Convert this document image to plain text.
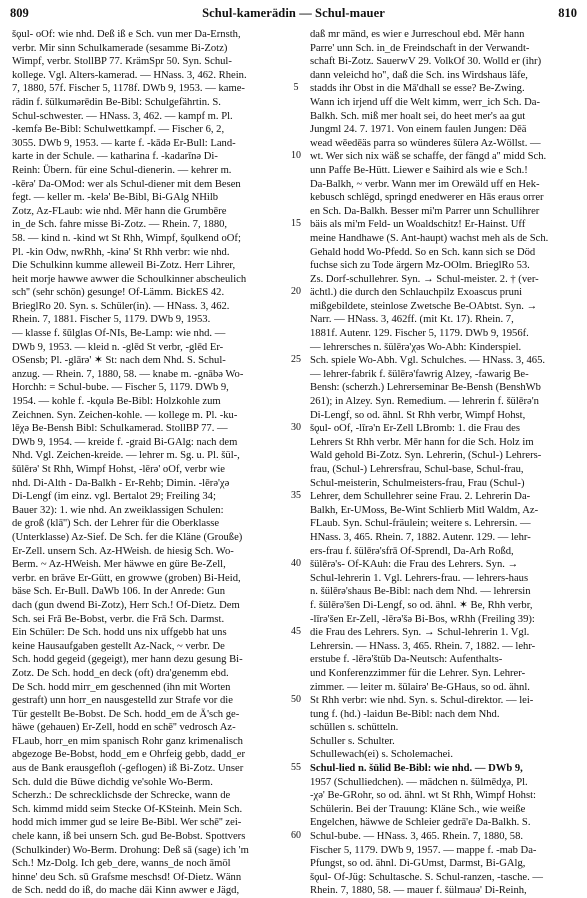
809	Schul-kamerädin — Schul-mauer	810
šǫul- oOf: wie nhd. Deß iß e Sch. vun mer Da-Ernsth,
verbr. Mir sinn Schulkamerade (sesamme Bi-Zotz)
Wimpf, verbr. StollBP 77. KrämSpr 50. Syn. Schul-
kollege. Vgl. Alters-kamerad. — HNass. 3, 462. Rhein.
7, 1880, 57f. Fischer 5, 1178f. DWb 9, 1953. — kame-
rädin f. šülkumǝrēdin Be-Bibl: Schulgefährtin. S.
Schul-schwester. — HNass. 3, 462. — kampf m. Pl.
-kemfǝ Be-Bibl: Schulwettkampf. — Fischer 6, 2,
3055. DWb 9, 1953. — karte f. -kādǝ Er-Bull: Land-
karte in der Schule. — katharina f. -kadarīnǝ Di-
Reinh: Übern. für eine Schul-dienerin. — kehrer m.
-kērǝ' Da-OMod: wer als Schul-diener mit dem Besen
fegt. — keller m. -kelǝ' Be-Bibl, Bi-GAlg NHilb
Zotz, Az-FLaub: wie nhd. Mēr hann die Grumbēre
in_de Sch. fahre misse Bi-Zotz. — Rhein. 7, 1880,
58. — kind n. -kind wt St Rhh, Wimpf, šǫulkend oOf;
Pl. -kin Odw, nwRhh, -kinǝ' St Rhh verbr: wie nhd.
Die Schulkinn kumme alleweil Bi-Zotz. Herr Lihrer,
heit morje hawwe awwer die Schoulkinner abscheulich
sch'' (sehr schön) gesunge! Of-Lämm. BickES 42.
BrieglRo 20. Syn. s. Schüler(in). — HNass. 3, 462.
Rhein. 7, 1881. Fischer 5, 1179. DWb 9, 1953.
— klasse f. šūlglas Of-NIs, Be-Lamp: wie nhd. —
DWb 9, 1953. — kleid n. -glēd St verbr, -glēd Er-
OSensb; Pl. -glārǝ' ✶ St: nach dem Nhd. S. Schul-
anzug. — Rhein. 7, 1880, 58. — knabe m. -gnābǝ Wo-
Horchh: = Schul-bube. — Fischer 5, 1179. DWb 9,
1954. — kohle f. -kǫulǝ Be-Bibl: Holzkohle zum
Zeichnen. Syn. Zeichen-kohle. — kollege m. Pl. -ku-
lēχǝ Be-Bensh Bibl: Schulkamerad. StollBP 77. —
DWb 9, 1954. — kreide f. -graid Bi-GAlg: nach dem
Nhd. Vgl. Zeichen-kreide. — lehrer m. Sg. u. Pl. šül-,
šūlērǝ' St Rhh, Wimpf Hohst, -lērǝ' oOf, verbr wie
nhd. Di-Alth - Da-Balkh - Er-Rehb; Dimin. -lērǝ'χǝ
Di-Lengf (im einz. vgl. Bertalot 29; Freiling 34;
Bauer 32): 1. wie nhd. An zweiklassigen Schulen:
de groß (klā'') Sch. der Lehrer für die Oberklasse
(Unterklasse) Az-Sief. De Sch. fer die Kläne (Grouße)
Er-Zell. unsern Sch. Az-HWeish. de hiesig Sch. Wo-
Berm. ~ Az-HWeish. Mer häwwe en güre Be-Zell,
verbr. en bräve Er-Gütt, en growwe (groben) Bi-Heid,
bäse Sch. Er-Bull. DaWb 106. In der Anrede: Gun
dach (gun dwend Bi-Zotz), Herr Sch.! Of-Dietz. Dem
Sch. sei Frā Be-Bobst, verbr. die Frā Sch. Darmst.
Ein Schüler: De Sch. hodd uns nix uffgebb hat uns
keine Hausaufgaben gestellt Az-Nack, ~ verbr. De
Sch. hodd gegeid (gegeigt), mer hann dezu gesung Bi-
Zotz. De Sch. hodd_en deck (oft) dra'genemm ebd.
De Sch. hodd mirr_em geschenned (ihn mit Worten
gestraft) unn horr_en nausgestelld zur Strafe vor die
Tür gestellt Be-Bobst. De Sch. hodd_em de Ä'sch ge-
häwe (gehauen) Er-Zell, hodd en schē'' vedrosch Az-
FLaub, horr_en mim spanisch Rohr ganz krimenalisch
abgezoge Be-Bobst, hodd_em e Ohrfeig gebb, dadd_er
aus de Bank erausgefloh (-geflogen) iß Bi-Zotz. Unser
Sch. duld die Büwe dichdig ve'sohle Wo-Berm.
Scherzh.: De schrecklichsde der Schrecke, wann de
Sch. kimmd midd seim Stecke Of-KSteinh. Mein Sch.
hodd mich immer gud se leire Be-Bibl. Wer schē'' zei-
chele kann, iß bei unsern Sch. gud Be-Bobst. Spottvers
(Schulkinder) Wo-Berm. Drohung: Deß sā (sage) ich 'm
Sch.! Mz-Dolg. Ich geb_dere, wanns_de noch āmöl
hinne' deu Sch. sū Grafsme meschsd! Of-Dietz. Wänn
de Sch. nedd do iß, do mache däi Kinn awwer e Jägd,
5
10
15
20
25
30
35
40
45
50
55
60
daß mr mänd, es wier e Jurreschoul ebd. Mēr hann
Parre' unn Sch. in_de Freindschaft in der Verwandt-
schaft Bi-Zotz. SauerwV 29. VolkOf 30. Wolld er (ihr)
dann veleichd ho''‚ daß die Sch. ins Wirdshaus läfe,
stadds ihr Obst in die Mā'dhall se esse? Be-Zwing.
Wann ich irjend uff die Welt kimm, werr_ich Sch. Da-
Balkh. Sch. miß mer hoalt sei, do heet mer's aa gut
Jungml 24. 7. 1971. Von einem faulen Jungen: Dēä
wead wēedēäs parra so wünderes šülerǝ Az-Wöllst. —
wt. Wer sich nix wäß se schaffe, der fängd a'' midd Sch.
unn Paffe Be-Hütt. Liewer e Saihird als wie e Sch.!
Da-Balkh, ~ verbr. Wann mer im Orewäld uff en Hek-
kebusch schlëgd, springd enedwerer en Hās eraus orrer
en Sch. Da-Balkh. Besser mi'm Parrer unn Schullihrer
bäis als mi'm Feld- un Woaldschitz! Er-Hainst. Uff
meine Handhawe (S. Ant-haupt) wachst meh als de Sch.
Gehald hodd Wo-Pfedd. So en Sch. kann sich se Död
fuchse sich zu Tode ärgern Mz-OOlm. BrieglRo 53.
Zs. Dorf-schullehrer. Syn. → Schul-meister. 2. † (ver-
ächtl.) die durch den Schlauchpilz Exoascus pruni
mißgebildete, steinlose Zwetsche Be-OAbtst. Syn. →
Narr. — HNass. 3, 462ff. (mit Kt. 17). Rhein. 7,
1881f. Autenr. 129. Fischer 5, 1179. DWb 9, 1956f.
— lehrersches n. šülērǝ'χǝs Wo-Abh: Kinderspiel.
Sch. spiele Wo-Abh. Vgl. Schulches. — HNass. 3, 465.
— lehrer-fabrik f. šülērǝ'fawrig Alzey, -fawarig Be-
Bensh: (scherzh.) Lehrerseminar Be-Bensh (BenshWb
261); in Alzey. Syn. Remedium. — lehrerin f. šülērǝ'n
Di-Lengf, so od. ähnl. St Rhh verbr, Wimpf Hohst,
šǫul- oOf, -līrǝ'n Er-Zell LBromb: 1. die Frau des
Lehrers St Rhh verbr. Mēr hann for die Sch. Holz im
Wald gehold Bi-Zotz. Syn. Lehrerin, (Schul-) Lehrers-
frau, (Schul-) Lehrersfrau, Schul-base, Schul-frau,
Schul-meisterin, Schulmeisters-frau, Frau (Schul-)
Lehrer, dem Schullehrer seine Frau. 2. Lehrerin Da-
Balkh, Er-UMoss, Be-Wint Schlierb Mitl Waldm, Az-
FLaub. Syn. Schul-fräulein; weitere s. Lehrersin. —
HNass. 3, 465. Rhein. 7, 1882. Autenr. 129. — lehr-
ers-frau f. šülērǝ'sfrā Of-Sprendl, Da-Arh Roßd,
šülērǝ's- Of-KAuh: die Frau des Lehrers. Syn. →
Schul-lehrerin 1. Vgl. Lehrers-frau. — lehrers-haus
n. šülērǝ'shaus Be-Bibl: nach dem Nhd. — lehrersin
f. šülērǝ'šen Di-Lengf, so od. ähnl. ✶ Be, Rhh verbr,
-līrǝ'šen Er-Zell, -lērǝ'šǝ Bi-Bos, wRhh (Freiling 39):
die Frau des Lehrers. Syn. → Schul-lehrerin 1. Vgl.
Lehrersin. — HNass. 3, 465. Rhein. 7, 1882. — lehr-
erstube f. -lērǝ'štüb Da-Neutsch: Aufenthalts-
und Konferenzzimmer für die Lehrer. Syn. Lehrer-
zimmer. — leiter m. šülairǝ' Be-GHaus, so od. ähnl.
St Rhh verbr: wie nhd. Syn. s. Schul-direktor. — lei-
tung f. (hd.) -laidun Be-Bibl: nach dem Nhd.
schüllen s. schütteln.
Schuller s. Schulter.
Schullewach(ei) s. Scholemachei.
Schul-lied n. šülid Be-Bibl: wie nhd. — DWb 9,
1957 (Schulliedchen). — mädchen n. šülmēdχǝ, Pl.
-χǝ' Be-GRohr, so od. ähnl. wt St Rhh, Wimpf Hohst:
Schülerin. Bei der Trauung: Kläne Sch., wie weiße
Engelchen, häwwe de Schleier gedrā'e Da-Balkh. S.
Schul-bube. — HNass. 3, 465. Rhein. 7, 1880, 58.
Fischer 5, 1179. DWb 9, 1957. — mappe f. -mab Da-
Pfungst, so od. ähnl. Di-GUmst, Darmst, Bi-GAlg,
šǫul- Of-Jüg: Schultasche. S. Schul-ranzen, -tasche. —
Rhein. 7, 1880, 58. — mauer f. šülmauǝ' Di-Reinh,
